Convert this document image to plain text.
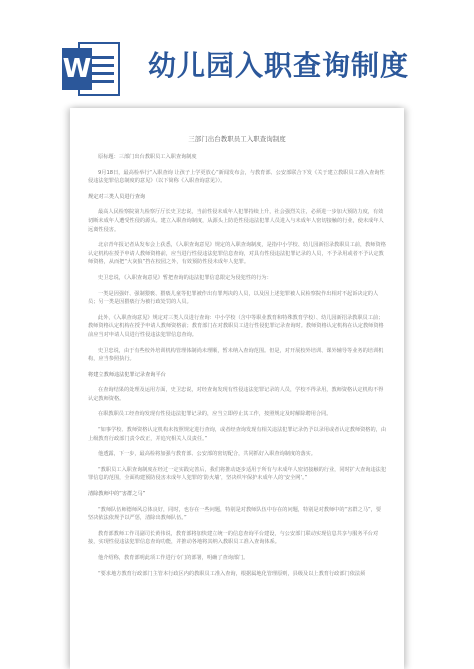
W 幼儿园入职查询制度
三部门出台教职员工入职查询制度

原标题：三部门出台教职员工入职查询制度

9月18日，最高检举行“入职查询 让孩子上学更放心”新闻发布会，与教育部、公安部联合下发《关于建立教职员工准入查询性侵违法犯罪信息制度的意见》（以下简称《入职查询意见》）。

规定对三类人员进行查询

最高人民检察院第九检察厅厅长史卫忠说，当前性侵未成年人犯罪持续上升，社会强烈关注，必须进一步加大预防力度，有效切断未成年人遭受性侵的源头。建立入职查询制度，从源头上防范性侵违法犯罪人员进入与未成年人密切接触的行业，使未成年人远离性侵害。

北京青年报记者从发布会上获悉，《入职查询意见》规定的入职查询制度，是指中小学校、幼儿园新招录教职员工前，教师资格认定机构在授予申请人教师资格前，应当进行性侵违法犯罪信息查询，对具有性侵违法犯罪记录的人员，不予录用或者不予认定教师资格，从而把“大灰狼”挡在校园之外，有效预防性侵未成年人犯罪。

史卫忠说，《入职查询意见》暂把查询的违法犯罪信息限定为侵犯性的行为：

一类是因强奸、强制猥亵、猥亵儿童等犯罪被作出有罪判决的人员，以及因上述犯罪被人民检察院作出相对不起诉决定的人员；另一类是因猥亵行为被行政处罚的人员。

此外，《入职查询意见》规定对三类人员进行查询：中小学校（含中等职业教育和特殊教育学校）、幼儿园新招录教职员工前；教师资格认定机构在授予申请人教师资格前；教育部门在对教职员工进行性侵犯罪记录查询时。教师资格认定机构在认定教师资格前应当对申请人员进行性侵违法犯罪信息查询。

史卫忠说，由于有些校外培训机构管理体制尚未理顺，暂未纳入查询范围。但是，对开展校外培训、课外辅导等业务的培训机构，应当参照执行。

将建立教师违法犯罪记录查询平台

在查询结果的处理及运用方面，史卫忠说，对经查询发现有性侵违法犯罪记录的人员，学校不得录用，教师资格认定机构不得认定教师资格。

在职教职员工经查询发现有性侵违法犯罪记录的，应当立即停止其工作，按照规定及时解除聘用合同。

“如事学校、教师资格认定机构未按照规定进行查询，或者经查询发现有相关违法犯罪记录仍予以录用或者认定教师资格的，由上级教育行政部门责令改正，并追究相关人员责任。”

他透露，下一步，最高检将加强与教育部、公安部的密切配合，共同抓好入职查询制度的落实。

“教职员工入职查询制度在经过一定实践完善后，我们将推动逐步适用于所有与未成年人密切接触的行业，同时扩大查询违法犯罪信息的范围，全面构建预防侵害未成年人犯罪的‘防火墙’，坚决织牢保护未成年人的‘安全网’。”

清除教师中的“害群之马”

“教师队伍师德师风总体良好，同时，也存在一些问题，特别是对教师队伍中存在的问题，特别是对教师中的“害群之马”，要坚决依法依规予以严惩，清除出教师队伍。”

教育部教师工作司副司长黄伟说，教育部将加快建立统一的信息查询平台建设，与公安部门联动实现信息共享与服务平台对接，实现性侵违法犯罪信息查询功能，并推动各地将其纳入教职员工准入查询体系。

他介绍称，教育部明此项工作进行专门的部署，明确了查询部门。

“要求地方教育行政部门主管本行政区内的教职员工准入查询，根据属地化管理原则，县级及以上教育行政部门依法须
